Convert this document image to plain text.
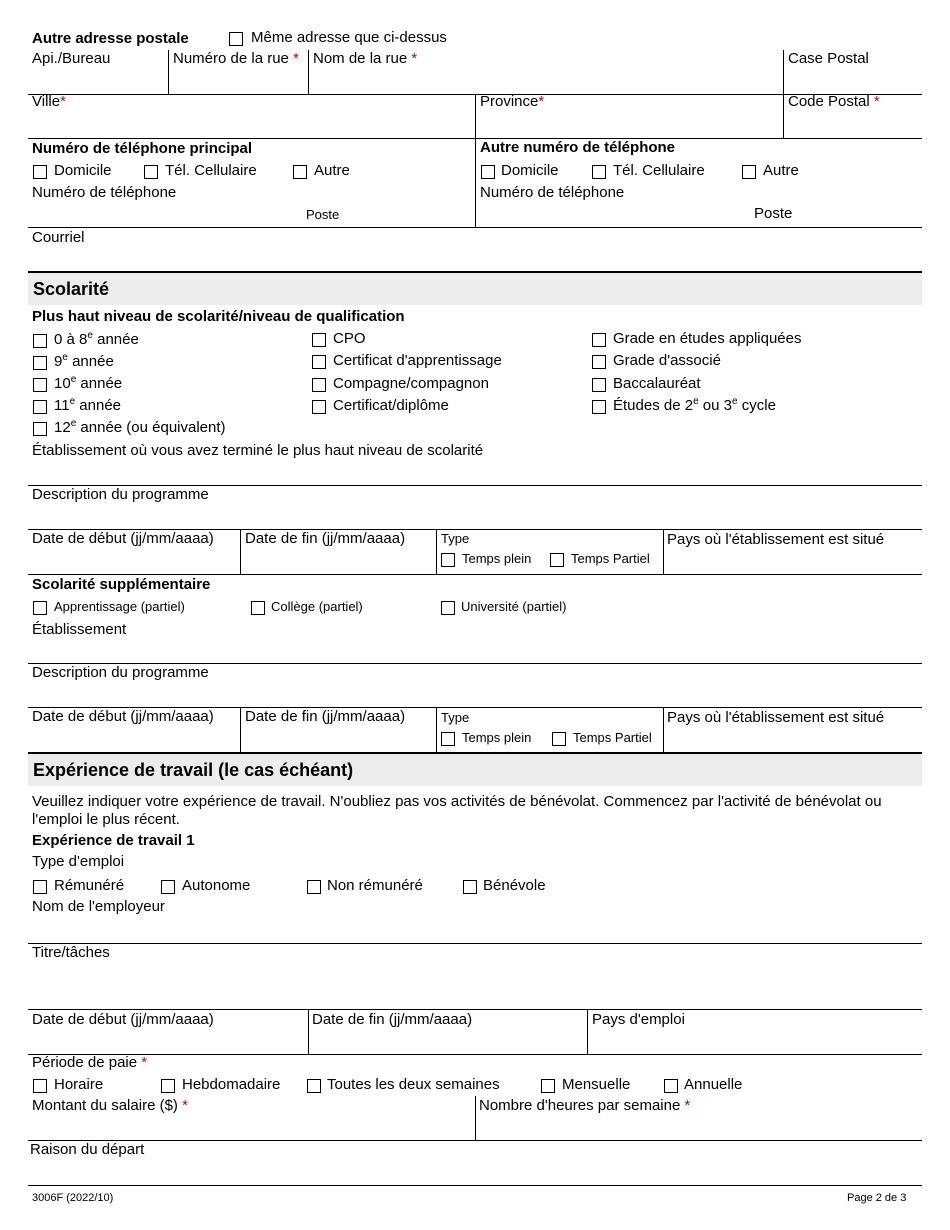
Autre adresse postale	Même adresse que ci-dessus
Api./Bureau	Numéro de la rue * Nom de la rue *	Case Postal
Ville*	Province*	Code Postal *
Numéro de téléphone principal
Domicile	Tél. Cellulaire	Autre
Numéro de téléphone
Poste
Autre numéro de téléphone
Domicile	Tél. Cellulaire	Autre
Numéro de téléphone
Poste
Courriel
Scolarité
Plus haut niveau de scolarité/niveau de qualification
0 à 8e année
9e année
10e année
11e année
12e année (ou équivalent)
CPO
Certificat d'apprentissage
Compagne/compagnon
Certificat/diplôme
Grade en études appliquées
Grade d'associé
Baccalauréat
Études de 2e ou 3e cycle
Établissement où vous avez terminé le plus haut niveau de scolarité
Description du programme
Date de début (jj/mm/aaaa) Date de fin (jj/mm/aaaa)	Type
Temps plein	Temps Partiel
Pays où l'établissement est situé
Scolarité supplémentaire
Apprentissage (partiel)	Collège (partiel)	Université (partiel)
Établissement
Description du programme
Date de début (jj/mm/aaaa) Date de fin (jj/mm/aaaa)	Type
Temps plein	Temps Partiel
Pays où l'établissement est situé
Expérience de travail (le cas échéant)
Veuillez indiquer votre expérience de travail. N'oubliez pas vos activités de bénévolat. Commencez par l'activité de bénévolat ou
l'emploi le plus récent.
Expérience de travail 1
Type d'emploi
Rémunéré	Autonome	Non rémunéré	Bénévole
Nom de l'employeur
Titre/tâches
Date de début (jj/mm/aaaa)	Date de fin (jj/mm/aaaa)	Pays d'emploi
Période de paie *
Horaire	Hebdomadaire	Toutes les deux semaines	Mensuelle	Annuelle
Montant du salaire ($) *	Nombre d'heures par semaine *
Raison du départ
3006F (2022/10)	Page 2 de 3
